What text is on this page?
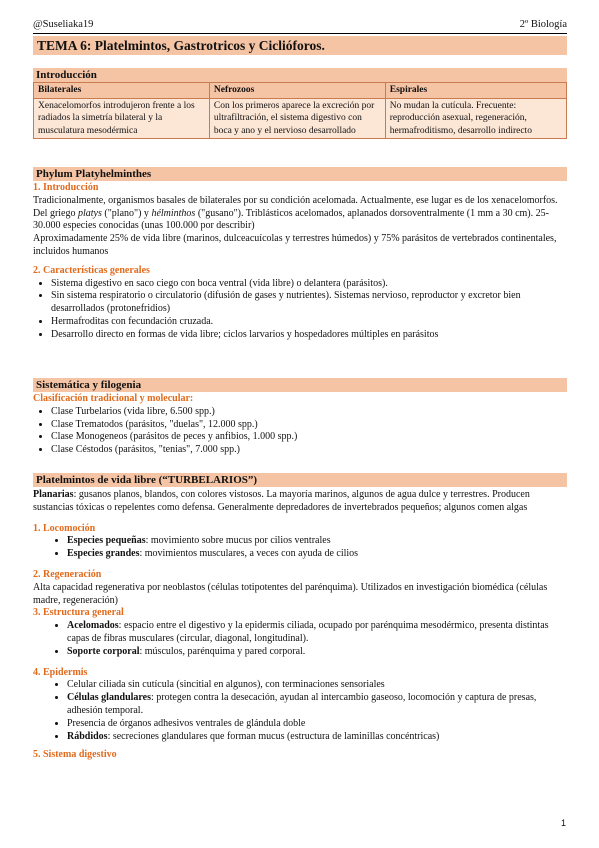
@Suseliaka19	2º Biología
TEMA 6: Platelmintos, Gastrotricos y Ciclióforos.
Introducción
Bilaterales	Nefrozoos	Espirales
Xenacelomorfos introdujeron frente a los radiados la simetría bilateral y la musculatura mesodérmica	Con los primeros aparece la excreción por ultrafiltración, el sistema digestivo con boca y ano y el nervioso desarrollado	No mudan la cutícula. Frecuente: reproducción asexual, regeneración, hermafroditismo, desarrollo indirecto
Phylum Platyhelminthes
1. Introducción

Tradicionalmente, organismos basales de bilaterales por su condición acelomada. Actualmente, ese lugar es de los xenacelomorfos.

Del griego platys ("plano") y hélminthos ("gusano"). Triblásticos acelomados, aplanados dorsoventralmente (1 mm a 30 cm). 25-30.000 especies conocidas (unas 100.000 por describir)

Aproximadamente 25% de vida libre (marinos, dulceacuícolas y terrestres húmedos) y 75% parásitos de vertebrados continentales, incluidos humanos

2. Características generales
• Sistema digestivo en saco ciego con boca ventral (vida libre) o delantera (parásitos).
• Sin sistema respiratorio o circulatorio (difusión de gases y nutrientes). Sistemas nervioso, reproductor y excretor bien desarrollados (protonefridios)
• Hermafroditas con fecundación cruzada.
• Desarrollo directo en formas de vida libre; ciclos larvarios y hospedadores múltiples en parásitos
Sistemática y filogenia
Clasificación tradicional y molecular:
• Clase Turbelarios (vida libre, 6.500 spp.)
• Clase Trematodos (parásitos, "duelas", 12.000 spp.)
• Clase Monogeneos (parásitos de peces y anfibios, 1.000 spp.)
• Clase Céstodos (parásitos, "tenias", 7.000 spp.)
Platelmintos de vida libre (“TURBELARIOS”)

Planarias: gusanos planos, blandos, con colores vistosos. La mayoría marinos, algunos de agua dulce y terrestres. Producen sustancias tóxicas o repelentes como defensa. Generalmente depredadores de invertebrados pequeños; algunos comen algas

1. Locomoción
• Especies pequeñas: movimiento sobre mucus por cilios ventrales
• Especies grandes: movimientos musculares, a veces con ayuda de cilios
2. Regeneración

Alta capacidad regenerativa por neoblastos (células totipotentes del parénquima). Utilizados en investigación biomédica (células madre, regeneración)

3. Estructura general
• Acelomados: espacio entre el digestivo y la epidermis ciliada, ocupado por parénquima mesodérmico, presenta distintas capas de fibras musculares (circular, diagonal, longitudinal).
• Soporte corporal: músculos, parénquima y pared corporal.
4. Epidermis
• Celular ciliada sin cutícula (sincitial en algunos), con terminaciones sensoriales
• Células glandulares: protegen contra la desecación, ayudan al intercambio gaseoso, locomoción y captura de presas, adhesión temporal.
• Presencia de órganos adhesivos ventrales de glándula doble
• Rábdidos: secreciones glandulares que forman mucus (estructura de laminillas concéntricas)
5. Sistema digestivo
1
